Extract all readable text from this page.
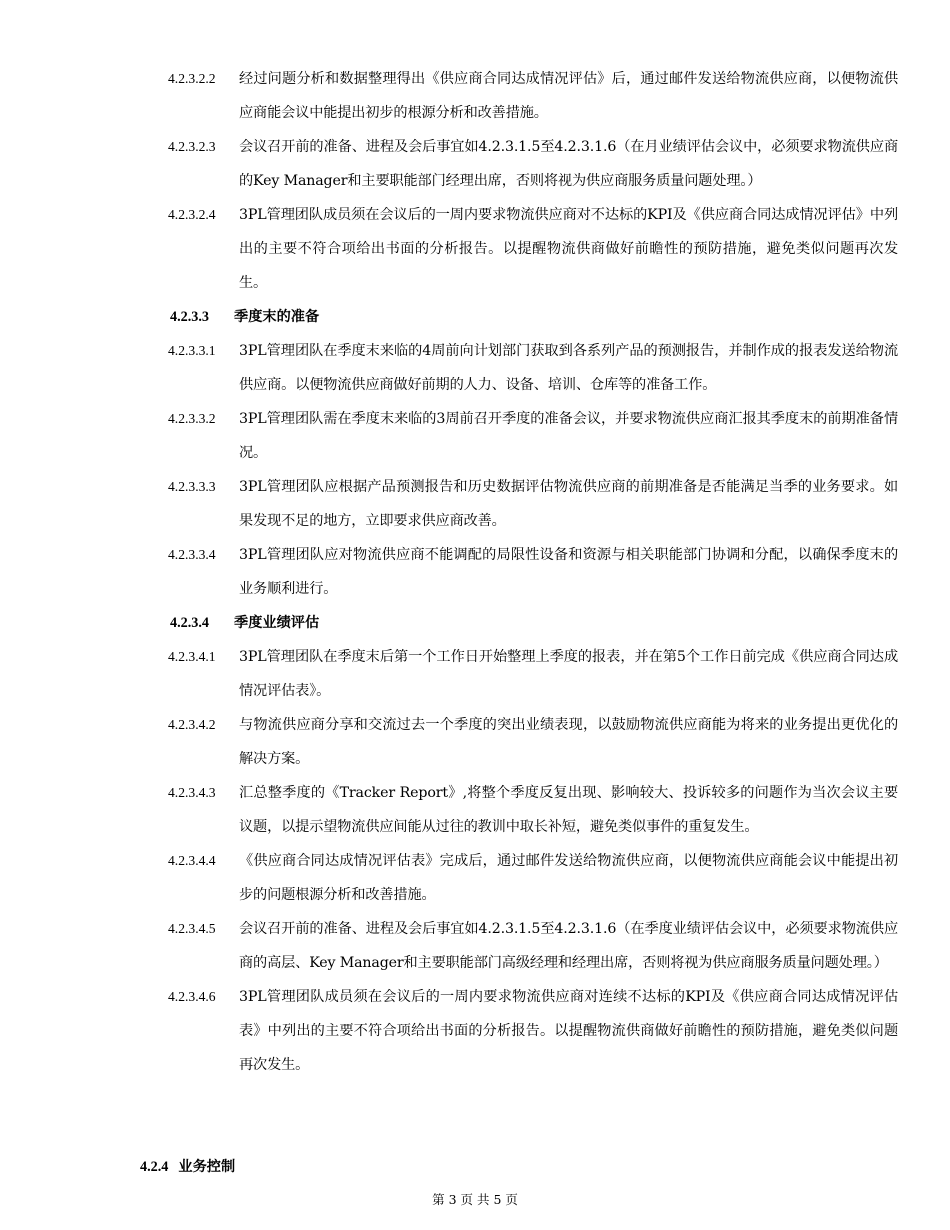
4.2.3.2.2	经过问题分析和数据整理得出《供应商合同达成情况评估》后，通过邮件发送给物流供应商，以便物流供应商能会议中能提出初步的根源分析和改善措施。
4.2.3.2.3	会议召开前的准备、进程及会后事宜如4.2.3.1.5至4.2.3.1.6（在月业绩评估会议中，必须要求物流供应商的Key Manager和主要职能部门经理出席，否则将视为供应商服务质量问题处理。）
4.2.3.2.4	3PL管理团队成员须在会议后的一周内要求物流供应商对不达标的KPI及《供应商合同达成情况评估》中列出的主要不符合项给出书面的分析报告。以提醒物流供商做好前瞻性的预防措施，避免类似问题再次发生。
4.2.3.3	季度末的准备
4.2.3.3.1	3PL管理团队在季度末来临的4周前向计划部门获取到各系列产品的预测报告，并制作成的报表发送给物流供应商。以便物流供应商做好前期的人力、设备、培训、仓库等的准备工作。
4.2.3.3.2	3PL管理团队需在季度末来临的3周前召开季度的准备会议，并要求物流供应商汇报其季度末的前期准备情况。
4.2.3.3.3	3PL管理团队应根据产品预测报告和历史数据评估物流供应商的前期准备是否能满足当季的业务要求。如果发现不足的地方，立即要求供应商改善。
4.2.3.3.4	3PL管理团队应对物流供应商不能调配的局限性设备和资源与相关职能部门协调和分配，以确保季度末的业务顺利进行。
4.2.3.4	季度业绩评估
4.2.3.4.1	3PL管理团队在季度末后第一个工作日开始整理上季度的报表，并在第5个工作日前完成《供应商合同达成情况评估表》。
4.2.3.4.2	与物流供应商分享和交流过去一个季度的突出业绩表现，以鼓励物流供应商能为将来的业务提出更优化的解决方案。
4.2.3.4.3	汇总整季度的《Tracker Report》,将整个季度反复出现、影响较大、投诉较多的问题作为当次会议主要议题，以提示望物流供应间能从过往的教训中取长补短，避免类似事件的重复发生。
4.2.3.4.4	《供应商合同达成情况评估表》完成后，通过邮件发送给物流供应商，以便物流供应商能会议中能提出初步的问题根源分析和改善措施。
4.2.3.4.5	会议召开前的准备、进程及会后事宜如4.2.3.1.5至4.2.3.1.6（在季度业绩评估会议中，必须要求物流供应商的高层、Key Manager和主要职能部门高级经理和经理出席，否则将视为供应商服务质量问题处理。）
4.2.3.4.6	3PL管理团队成员须在会议后的一周内要求物流供应商对连续不达标的KPI及《供应商合同达成情况评估表》中列出的主要不符合项给出书面的分析报告。以提醒物流供商做好前瞻性的预防措施，避免类似问题再次发生。
4.2.4 业务控制
第 3 页 共 5 页
